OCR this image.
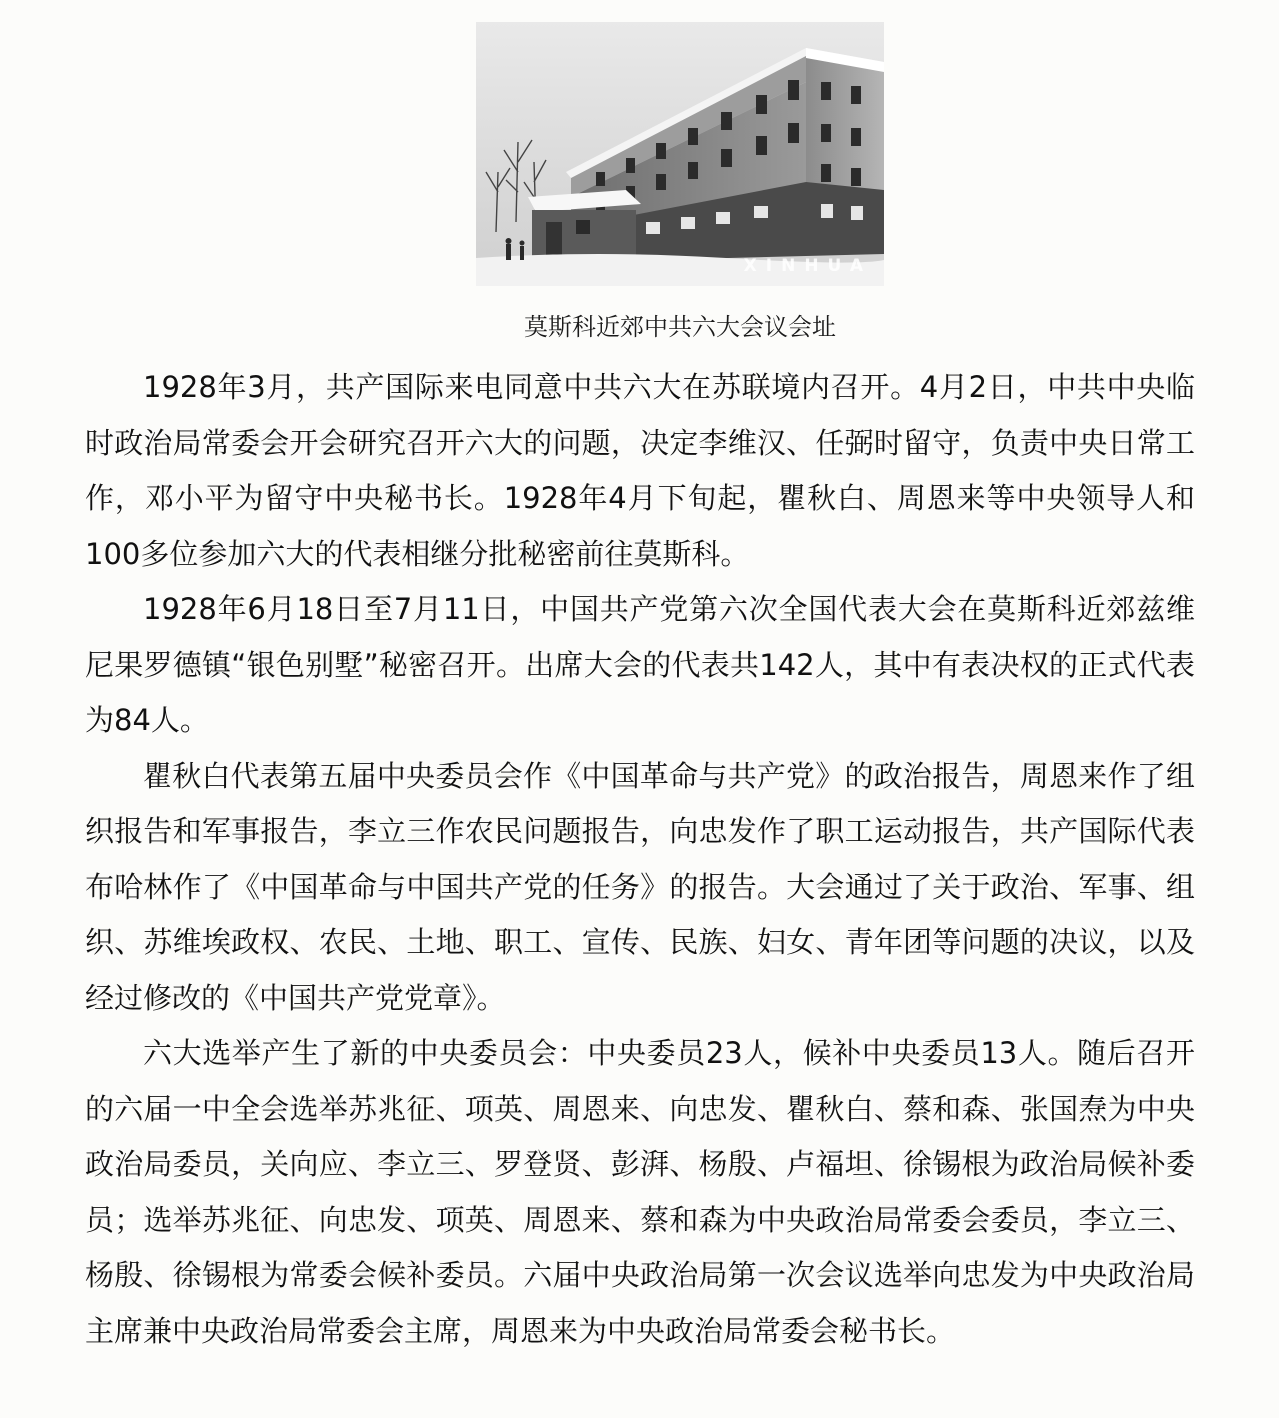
XINHUA
莫斯科近郊中共六大会议会址

1928年3月，共产国际来电同意中共六大在苏联境内召开。4月2日，中共中央临时政治局常委会开会研究召开六大的问题，决定李维汉、任弼时留守，负责中央日常工作，邓小平为留守中央秘书长。1928年4月下旬起，瞿秋白、周恩来等中央领导人和100多位参加六大的代表相继分批秘密前往莫斯科。

1928年6月18日至7月11日，中国共产党第六次全国代表大会在莫斯科近郊兹维尼果罗德镇“银色别墅”秘密召开。出席大会的代表共142人，其中有表决权的正式代表为84人。

瞿秋白代表第五届中央委员会作《中国革命与共产党》的政治报告，周恩来作了组织报告和军事报告，李立三作农民问题报告，向忠发作了职工运动报告，共产国际代表布哈林作了《中国革命与中国共产党的任务》的报告。大会通过了关于政治、军事、组织、苏维埃政权、农民、土地、职工、宣传、民族、妇女、青年团等问题的决议，以及经过修改的《中国共产党党章》。

六大选举产生了新的中央委员会：中央委员23人，候补中央委员13人。随后召开的六届一中全会选举苏兆征、项英、周恩来、向忠发、瞿秋白、蔡和森、张国焘为中央政治局委员，关向应、李立三、罗登贤、彭湃、杨殷、卢福坦、徐锡根为政治局候补委员；选举苏兆征、向忠发、项英、周恩来、蔡和森为中央政治局常委会委员，李立三、杨殷、徐锡根为常委会候补委员。六届中央政治局第一次会议选举向忠发为中央政治局主席兼中央政治局常委会主席，周恩来为中央政治局常委会秘书长。
